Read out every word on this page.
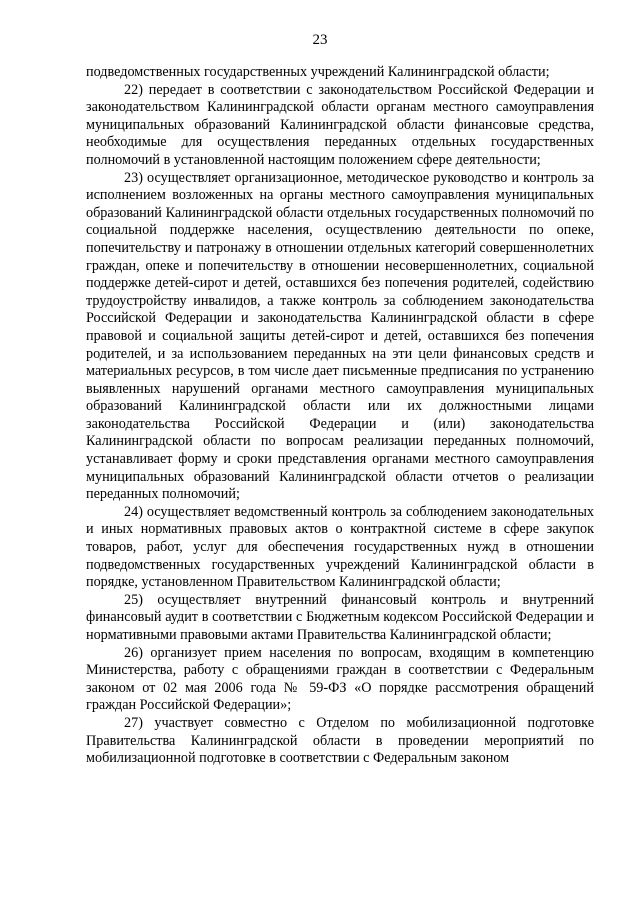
23

подведомственных государственных учреждений Калининградской области;

22) передает в соответствии с законодательством Российской Федерации и законодательством Калининградской области органам местного самоуправления муниципальных образований Калининградской области финансовые средства, необходимые для осуществления переданных отдельных государственных полномочий в установленной настоящим положением сфере деятельности;

23) осуществляет организационное, методическое руководство и контроль за исполнением возложенных на органы местного самоуправления муниципальных образований Калининградской области отдельных государственных полномочий по социальной поддержке населения, осуществлению деятельности по опеке, попечительству и патронажу в отношении отдельных категорий совершеннолетних граждан, опеке и попечительству в отношении несовершеннолетних, социальной поддержке детей-сирот и детей, оставшихся без попечения родителей, содействию трудоустройству инвалидов, а также контроль за соблюдением законодательства Российской Федерации и законодательства Калининградской области в сфере правовой и социальной защиты детей-сирот и детей, оставшихся без попечения родителей, и за использованием переданных на эти цели финансовых средств и материальных ресурсов, в том числе дает письменные предписания по устранению выявленных нарушений органами местного самоуправления муниципальных образований Калининградской области или их должностными лицами законодательства Российской Федерации и (или) законодательства Калининградской области по вопросам реализации переданных полномочий, устанавливает форму и сроки представления органами местного самоуправления муниципальных образований Калининградской области отчетов о реализации переданных полномочий;

24) осуществляет ведомственный контроль за соблюдением законодательных и иных нормативных правовых актов о контрактной системе в сфере закупок товаров, работ, услуг для обеспечения государственных нужд в отношении подведомственных государственных учреждений Калининградской области в порядке, установленном Правительством Калининградской области;

25) осуществляет внутренний финансовый контроль и внутренний финансовый аудит в соответствии с Бюджетным кодексом Российской Федерации и нормативными правовыми актами Правительства Калининградской области;

26) организует прием населения по вопросам, входящим в компетенцию Министерства, работу с обращениями граждан в соответствии с Федеральным законом от 02 мая 2006 года № 59-ФЗ «О порядке рассмотрения обращений граждан Российской Федерации»;

27) участвует совместно с Отделом по мобилизационной подготовке Правительства Калининградской области в проведении мероприятий по мобилизационной подготовке в соответствии с Федеральным законом
